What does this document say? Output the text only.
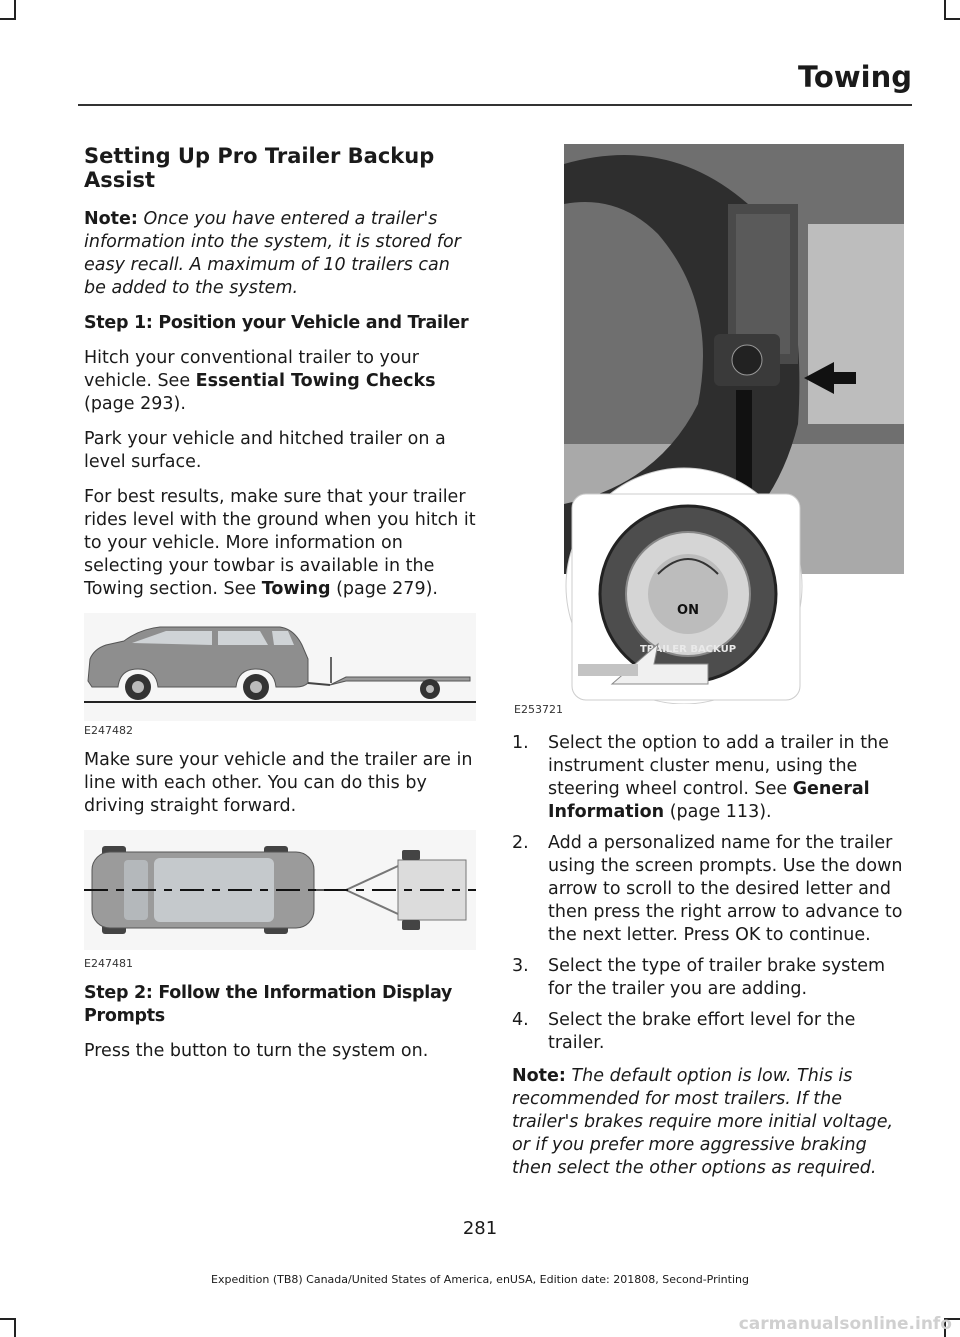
Towing
Setting Up Pro Trailer Backup Assist

Note: Once you have entered a trailer's information into the system, it is stored for easy recall. A maximum of 10 trailers can be added to the system.

Step 1: Position your Vehicle and Trailer

Hitch your conventional trailer to your vehicle. See Essential Towing Checks (page 293).

Park your vehicle and hitched trailer on a level surface.

For best results, make sure that your trailer rides level with the ground when you hitch it to your vehicle. More information on selecting your towbar is available in the Towing section. See Towing (page 279).

E247482

Make sure your vehicle and the trailer are in line with each other. You can do this by driving straight forward.

E247481
Step 2: Follow the Information Display Prompts

Press the button to turn the system on.

ON
TRAILER BACKUP
E253721
1. Select the option to add a trailer in the instrument cluster menu, using the steering wheel control. See General Information (page 113).
2. Add a personalized name for the trailer using the screen prompts. Use the down arrow to scroll to the desired letter and then press the right arrow to advance to the next letter. Press OK to continue.
3. Select the type of trailer brake system for the trailer you are adding.
4. Select the brake effort level for the trailer.

Note: The default option is low. This is recommended for most trailers. If the trailer's brakes require more initial voltage, or if you prefer more aggressive braking then select the other options as required.

281
Expedition (TB8) Canada/United States of America, enUSA, Edition date: 201808, Second-Printing
carmanualsonline.info
